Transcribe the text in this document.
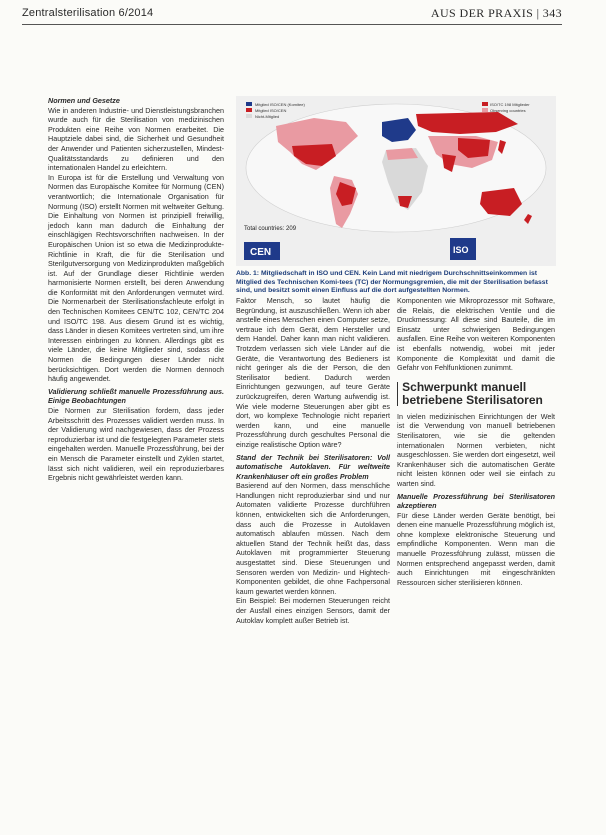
Zentralsterilisation 6/2014	AUS DER PRAXIS | 343

Normen und Gesetze

Wie in anderen Industrie- und Dienstleistungsbranchen wurde auch für die Sterilisation von medizinischen Produkten eine Reihe von Normen erarbeitet. Die Hauptziele dabei sind, die Sicherheit und Gesundheit der Anwender und Patienten sicherzustellen, Mindest-Qualitätsstandards zu definieren und den internationalen Handel zu erleichtern.

In Europa ist für die Erstellung und Verwaltung von Normen das Europäische Komitee für Normung (CEN) verantwortlich; die Internationale Organisation für Normung (ISO) erstellt Normen mit weltweiter Geltung. Die Einhaltung von Normen ist prinzipiell freiwillig, jedoch kann man dadurch die Einhaltung der einschlägigen Rechtsvorschriften nachweisen. In der Europäischen Union ist so etwa die Medizinprodukte-Richtlinie in Kraft, die für die Sterilisation und Sterilgutversorgung von Medizinprodukten maßgeblich ist. Auf der Grundlage dieser Richtlinie werden harmonisierte Normen erstellt, bei deren Anwendung die Konformität mit den Anforderungen vermutet wird. Die Normenarbeit der Sterilisationsfachleute erfolgt in den Technischen Komitees CEN/TC 102, CEN/TC 204 und ISO/TC 198. Aus diesem Grund ist es wichtig, dass Länder in diesen Komitees vertreten sind, um ihre Interessen einbringen zu können. Allerdings gibt es viele Länder, die keine Mitglieder sind, sodass die Normen die Bedingungen dieser Länder nicht berücksichtigen. Dort werden die Normen dennoch häufig angewendet.

Validierung schließt manuelle Prozessführung aus. Einige Beobachtungen

Die Normen zur Sterilisation fordern, dass jeder Arbeitsschritt des Prozesses validiert werden muss. In der Validierung wird nachgewiesen, dass der Prozess reproduzierbar ist und die festgelegten Parameter stets eingehalten werden. Manuelle Prozessführung, bei der ein Mensch die Parameter einstellt und Zyklen startet, lässt sich nicht validieren, weil ein reproduzierbares Ergebnis nicht gewährleistet werden kann.

Mitglied ISO/CEN (Komitee)
Mitglied ISO/CEN
Nicht-Mitglied
ISO/TC 198 Mitglieder
Observing countries
Total countries: 209
CEN	ISO
Abb. 1: Mitgliedschaft in ISO und CEN. Kein Land mit niedrigem Durchschnittseinkommen ist Mitglied des Technischen Komi-tees (TC) der Normungsgremien, die mit der Sterilisation befasst sind, und besitzt somit einen Einfluss auf die dort aufgestellten Normen.

Faktor Mensch, so lautet häufig die Begründung, ist auszuschließen. Wenn ich aber anstelle eines Menschen einen Computer setze, vertraue ich dem Gerät, dem Hersteller und dem Handel. Daher kann man nicht validieren. Trotzdem verlassen sich viele Länder auf die Geräte, die Verantwortung des Bedieners ist nicht geringer als die der Person, die den Sterilisator bedient. Dadurch werden Einrichtungen gezwungen, auf teure Geräte zurückzugreifen, deren Wartung aufwendig ist. Wie viele moderne Steuerungen aber gibt es dort, wo komplexe Technologie nicht repariert werden kann, und eine manuelle Prozessführung durch geschultes Personal die einzige realistische Option wäre?

Stand der Technik bei Sterilisatoren: Voll automatische Autoklaven. Für weltweite Krankenhäuser oft ein großes Problem

Basierend auf den Normen, dass menschliche Handlungen nicht reproduzierbar sind und nur Automaten validierte Prozesse durchführen können, entwickelten sich die Anforderungen, dass auch die Prozesse in Autoklaven automatisch ablaufen müssen. Nach dem aktuellen Stand der Technik heißt das, dass Autoklaven mit programmierter Steuerung ausgestattet sind. Diese Steuerungen und Sensoren werden von Medizin- und Hightech-Komponenten gebildet, die ohne Fachpersonal kaum gewartet werden können.

Ein Beispiel: Bei modernen Steuerungen reicht der Ausfall eines einzigen Sensors, damit der Autoklav komplett außer Betrieb ist.

Komponenten wie Mikroprozessor mit Software, die Relais, die elektrischen Ventile und die Druckmessung: All diese sind Bauteile, die im Einsatz unter schwierigen Bedingungen ausfallen. Eine Reihe von weiteren Komponenten ist ebenfalls notwendig, wobei mit jeder Komponente die Komplexität und damit die Gefahr von Fehlfunktionen zunimmt.

Schwerpunkt manuell betriebene Sterilisatoren

In vielen medizinischen Einrichtungen der Welt ist die Verwendung von manuell betriebenen Sterilisatoren, wie sie die geltenden internationalen Normen verbieten, nicht ausgeschlossen. Sie werden dort eingesetzt, weil Krankenhäuser sich die automatischen Geräte nicht leisten können oder weil sie einfach zu warten sind.

Manuelle Prozessführung bei Sterilisatoren akzeptieren

Für diese Länder werden Geräte benötigt, bei denen eine manuelle Prozessführung möglich ist, ohne komplexe elektronische Steuerung und empfindliche Komponenten. Wenn man die manuelle Prozessführung zulässt, müssen die Normen entsprechend angepasst werden, damit auch Einrichtungen mit eingeschränkten Ressourcen sicher sterilisieren können.
